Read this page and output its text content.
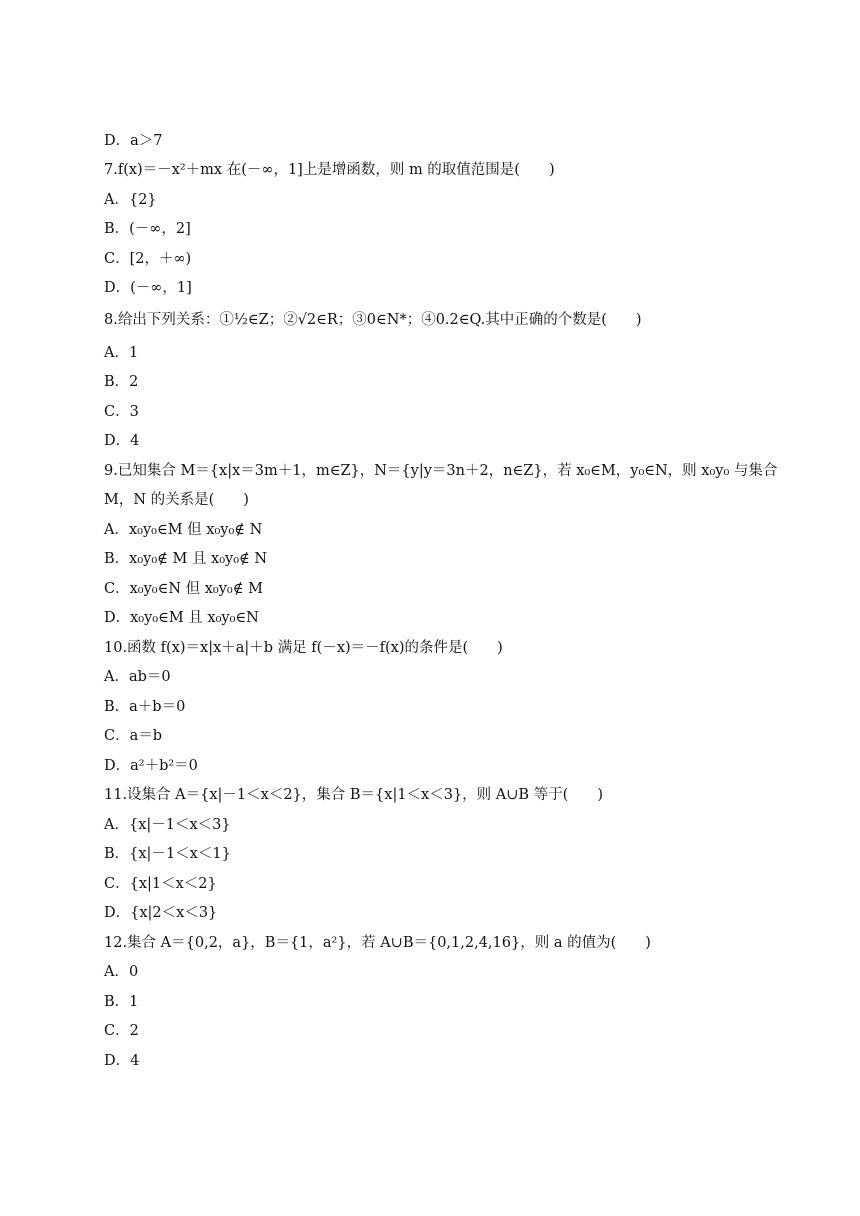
D．a＞7
7.f(x)＝－x²＋mx 在(－∞，1]上是增函数，则 m 的取值范围是(　　)
A．{2}
B．(－∞，2]
C．[2，＋∞)
D．(－∞，1]
8.给出下列关系：①½∈Z；②√2∈R；③0∈N*；④0.2∈Q.其中正确的个数是(　　)
A．1
B．2
C．3
D．4
9.已知集合 M＝{x|x＝3m＋1，m∈Z}，N＝{y|y＝3n＋2，n∈Z}，若 x₀∈M，y₀∈N，则 x₀y₀ 与集合
M，N 的关系是(　　)
A．x₀y₀∈M 但 x₀y₀∉ N
B．x₀y₀∉ M 且 x₀y₀∉ N
C．x₀y₀∈N 但 x₀y₀∉ M
D．x₀y₀∈M 且 x₀y₀∈N
10.函数 f(x)＝x|x＋a|＋b 满足 f(－x)＝－f(x)的条件是(　　)
A．ab＝0
B．a＋b＝0
C．a＝b
D．a²＋b²＝0
11.设集合 A＝{x|－1＜x＜2}，集合 B＝{x|1＜x＜3}，则 A∪B 等于(　　)
A．{x|－1＜x＜3}
B．{x|－1＜x＜1}
C．{x|1＜x＜2}
D．{x|2＜x＜3}
12.集合 A＝{0,2，a}，B＝{1，a²}，若 A∪B＝{0,1,2,4,16}，则 a 的值为(　　)
A．0
B．1
C．2
D．4
